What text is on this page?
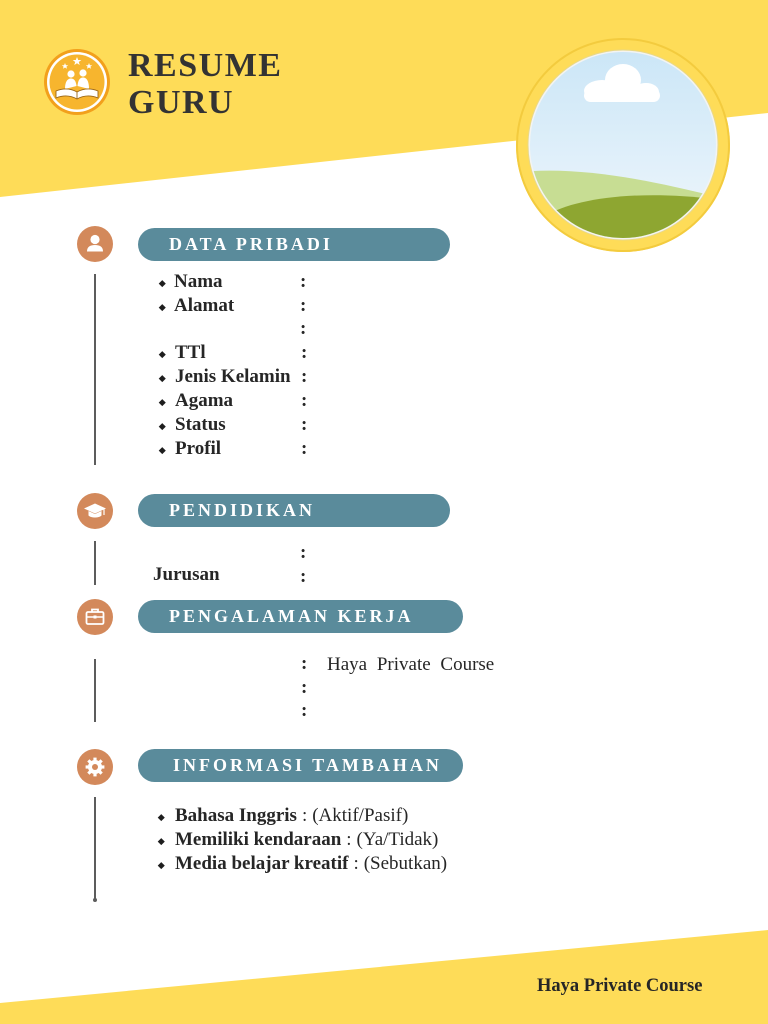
RESUME
GURU
DATA PRIBADI
Nama	:
Alamat	:
:
TTl	:
Jenis Kelamin :
Agama	:
Status	:
Profil	:
PENDIDIKAN
:
Jurusan	:
PENGALAMAN KERJA
: Haya Private Course
:
:
INFORMASI TAMBAHAN
Bahasa Inggris : (Aktif/Pasif)
Memiliki kendaraan : (Ya/Tidak)
Media belajar kreatif : (Sebutkan)
Haya Private Course
